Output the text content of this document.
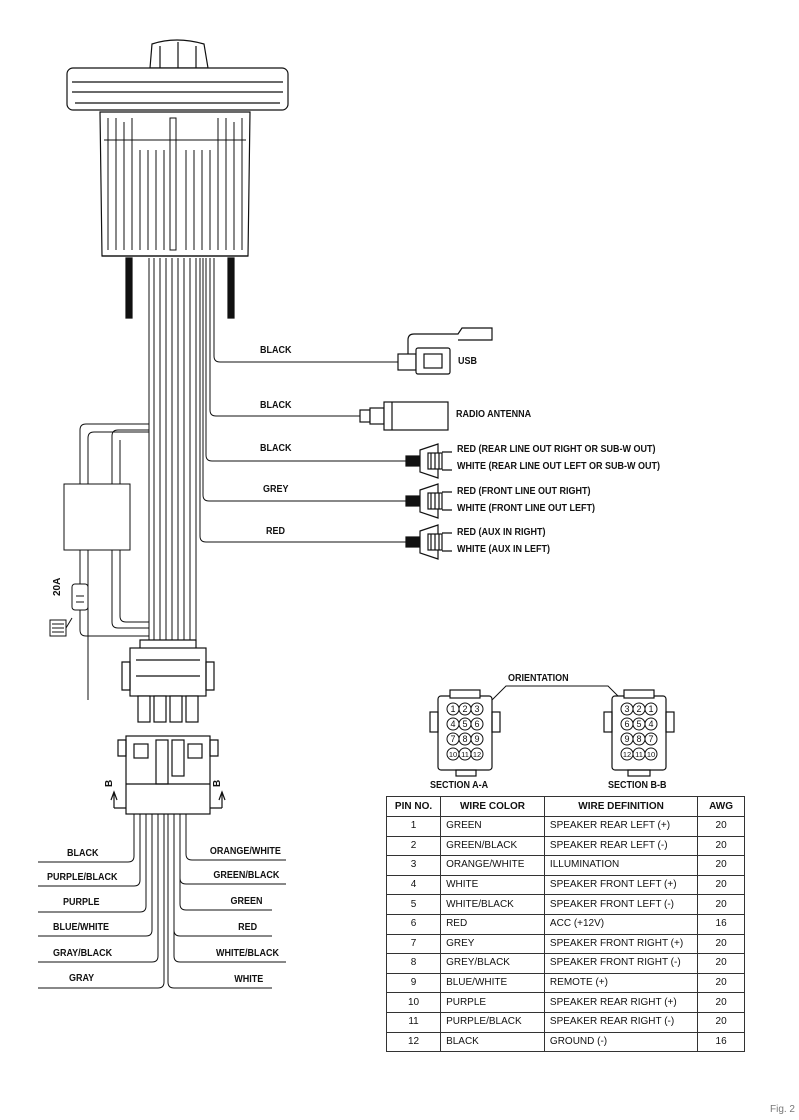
1 2 3
4 5 6
7 8 9
10 11 12
3 2 1
6 5 4
9 8 7
12 11 10
BLACK
USB
BLACK
RADIO ANTENNA
BLACK	RED (REAR LINE OUT RIGHT OR SUB-W OUT)
WHITE (REAR LINE OUT LEFT OR SUB-W OUT)
GREY	RED (FRONT LINE OUT RIGHT)
WHITE (FRONT LINE OUT LEFT)
RED	RED (AUX IN RIGHT)
WHITE (AUX IN LEFT)
20A
B	B
BLACK
PURPLE/BLACK
PURPLE
BLUE/WHITE
GRAY/BLACK
GRAY
ORANGE/WHITE
GREEN/BLACK
GREEN
RED
WHITE/BLACK
WHITE
ORIENTATION
SECTION A-A	SECTION B-B
PIN NO.	WIRE COLOR	WIRE DEFINITION	AWG
1	GREEN	SPEAKER REAR LEFT (+)	20
2	GREEN/BLACK	SPEAKER REAR LEFT (-)	20
3	ORANGE/WHITE	ILLUMINATION	20
4	WHITE	SPEAKER FRONT LEFT (+)	20
5	WHITE/BLACK	SPEAKER FRONT LEFT (-)	20
6	RED	ACC (+12V)	16
7	GREY	SPEAKER FRONT RIGHT (+)	20
8	GREY/BLACK	SPEAKER FRONT RIGHT (-)	20
9	BLUE/WHITE	REMOTE (+)	20
10	PURPLE	SPEAKER REAR RIGHT (+)	20
11	PURPLE/BLACK	SPEAKER REAR RIGHT (-)	20
12	BLACK	GROUND (-)	16
Fig. 2
